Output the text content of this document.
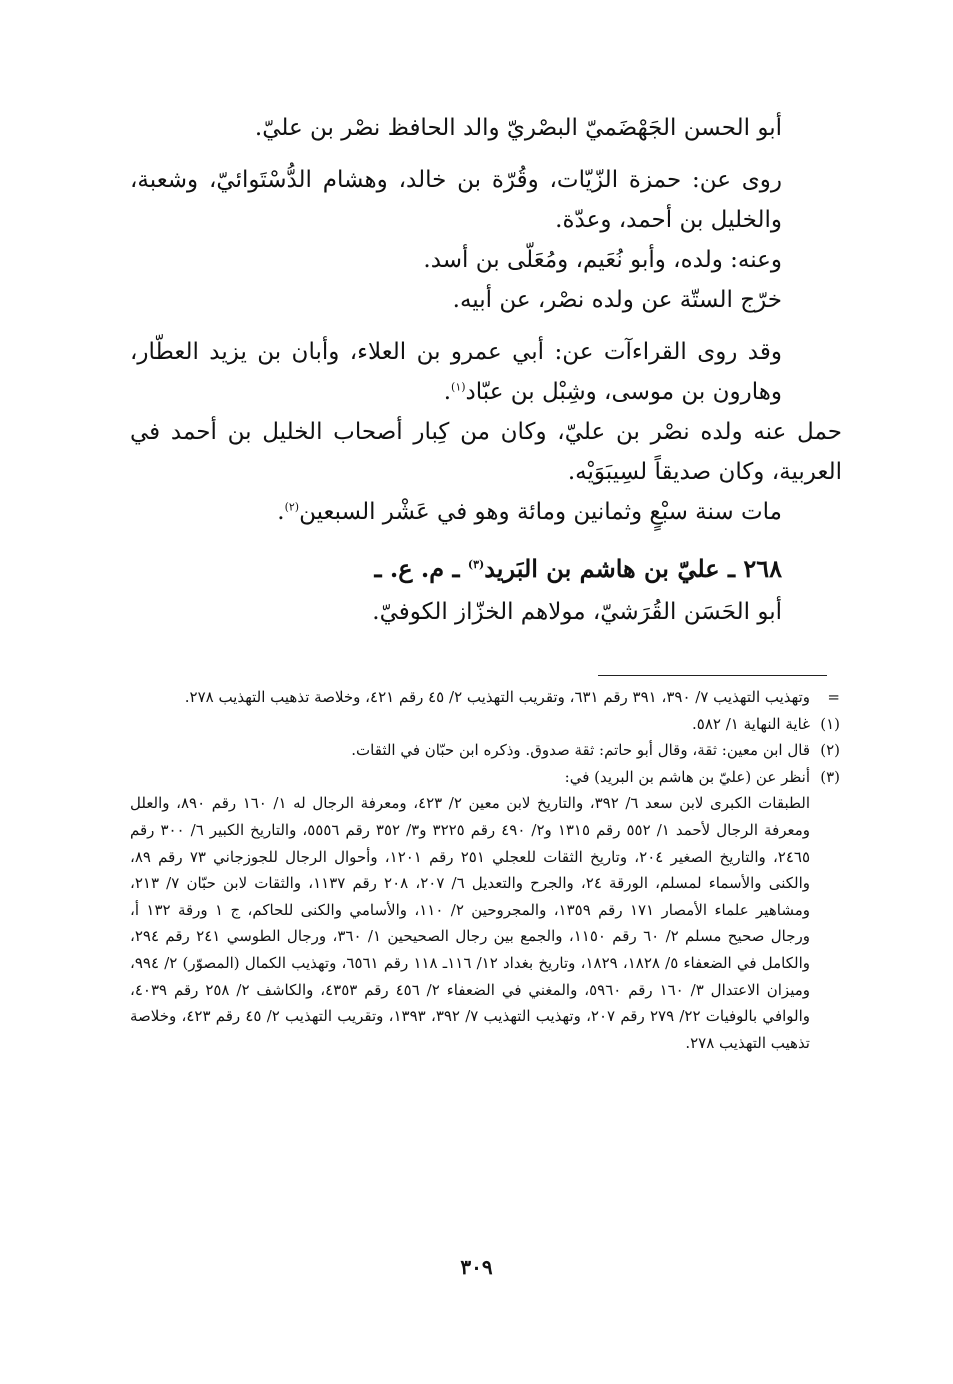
أبو الحسن الجَهْضَميّ البصْريّ والد الحافظ نصْر بن عليّ.

روى عن: حمزة الزّيّات، وقُرّة بن خالد، وهشام الدُّسْتَوائيّ، وشعبة، والخليل بن أحمد، وعدّة.

وعنه: ولده، وأبو نُعَيم، ومُعَلّى بن أسد.

خرّج الستّة عن ولده نصْر، عن أبيه.

وقد روى القراءآت عن: أبي عمرو بن العلاء، وأبان بن يزيد العطّار، وهارون بن موسى، وشِبْل بن عبّاد$^{(١)}$.

حمل عنه ولده نصْر بن عليّ، وكان من كِبار أصحاب الخليل بن أحمد في العربية، وكان صديقاً لسِيبَوَيْه.

مات سنة سبْعٍ وثمانين ومائة وهو في عَشْر السبعين$^{(٢)}$.

٢٦٨ ـ عليّ بن هاشم بن البَريد$^{(٣)}$ ـ م. ع. ـ

أبو الحَسَن القُرَشيّ، مولاهم الخزّاز الكوفيّ.

=
وتهذيب التهذيب ٧/ ٣٩٠، ٣٩١ رقم ٦٣١، وتقريب التهذيب ٢/ ٤٥ رقم ٤٢١، وخلاصة تذهيب التهذيب ٢٧٨.
(١)
غاية النهاية ١/ ٥٨٢.
(٢)
قال ابن معين: ثقة، وقال أبو حاتم: ثقة صدوق. وذكره ابن حبّان في الثقات.
(٣)
أنظر عن (عليّ بن هاشم بن البريد) في:

الطبقات الكبرى لابن سعد ٦/ ٣٩٢، والتاريخ لابن معين ٢/ ٤٢٣، ومعرفة الرجال له ١/ ١٦٠ رقم ٨٩٠، والعلل ومعرفة الرجال لأحمد ١/ ٥٥٢ رقم ١٣١٥ و٢/ ٤٩٠ رقم ٣٢٢٥ و٣/ ٣٥٢ رقم ٥٥٥٦، والتاريخ الكبير ٦/ ٣٠٠ رقم ٢٤٦٥، والتاريخ الصغير ٢٠٤، وتاريخ الثقات للعجلي ٢٥١ رقم ١٢٠١، وأحوال الرجال للجوزجاني ٧٣ رقم ٨٩، والكنى والأسماء لمسلم، الورقة ٢٤، والجرح والتعديل ٦/ ٢٠٧، ٢٠٨ رقم ١١٣٧، والثقات لابن حبّان ٧/ ٢١٣، ومشاهير علماء الأمصار ١٧١ رقم ١٣٥٩، والمجروحين ٢/ ١١٠، والأسامي والكنى للحاكم، ج ١ ورقة ١٣٢ أ، ورجال صحيح مسلم ٢/ ٦٠ رقم ١١٥٠، والجمع بين رجال الصحيحين ١/ ٣٦٠، ورجال الطوسي ٢٤١ رقم ٢٩٤، والكامل في الضعفاء ٥/ ١٨٢٨، ١٨٢٩، وتاريخ بغداد ١٢/ ١١٦ـ ١١٨ رقم ٦٥٦١، وتهذيب الكمال (المصوّر) ٢/ ٩٩٤، وميزان الاعتدال ٣/ ١٦٠ رقم ٥٩٦٠، والمغني في الضعفاء ٢/ ٤٥٦ رقم ٤٣٥٣، والكاشف ٢/ ٢٥٨ رقم ٤٠٣٩، والوافي بالوفيات ٢٢/ ٢٧٩ رقم ٢٠٧، وتهذيب التهذيب ٧/ ٣٩٢، ١٣٩٣، وتقريب التهذيب ٢/ ٤٥ رقم ٤٢٣، وخلاصة تذهيب التهذيب ٢٧٨.

٣٠٩
